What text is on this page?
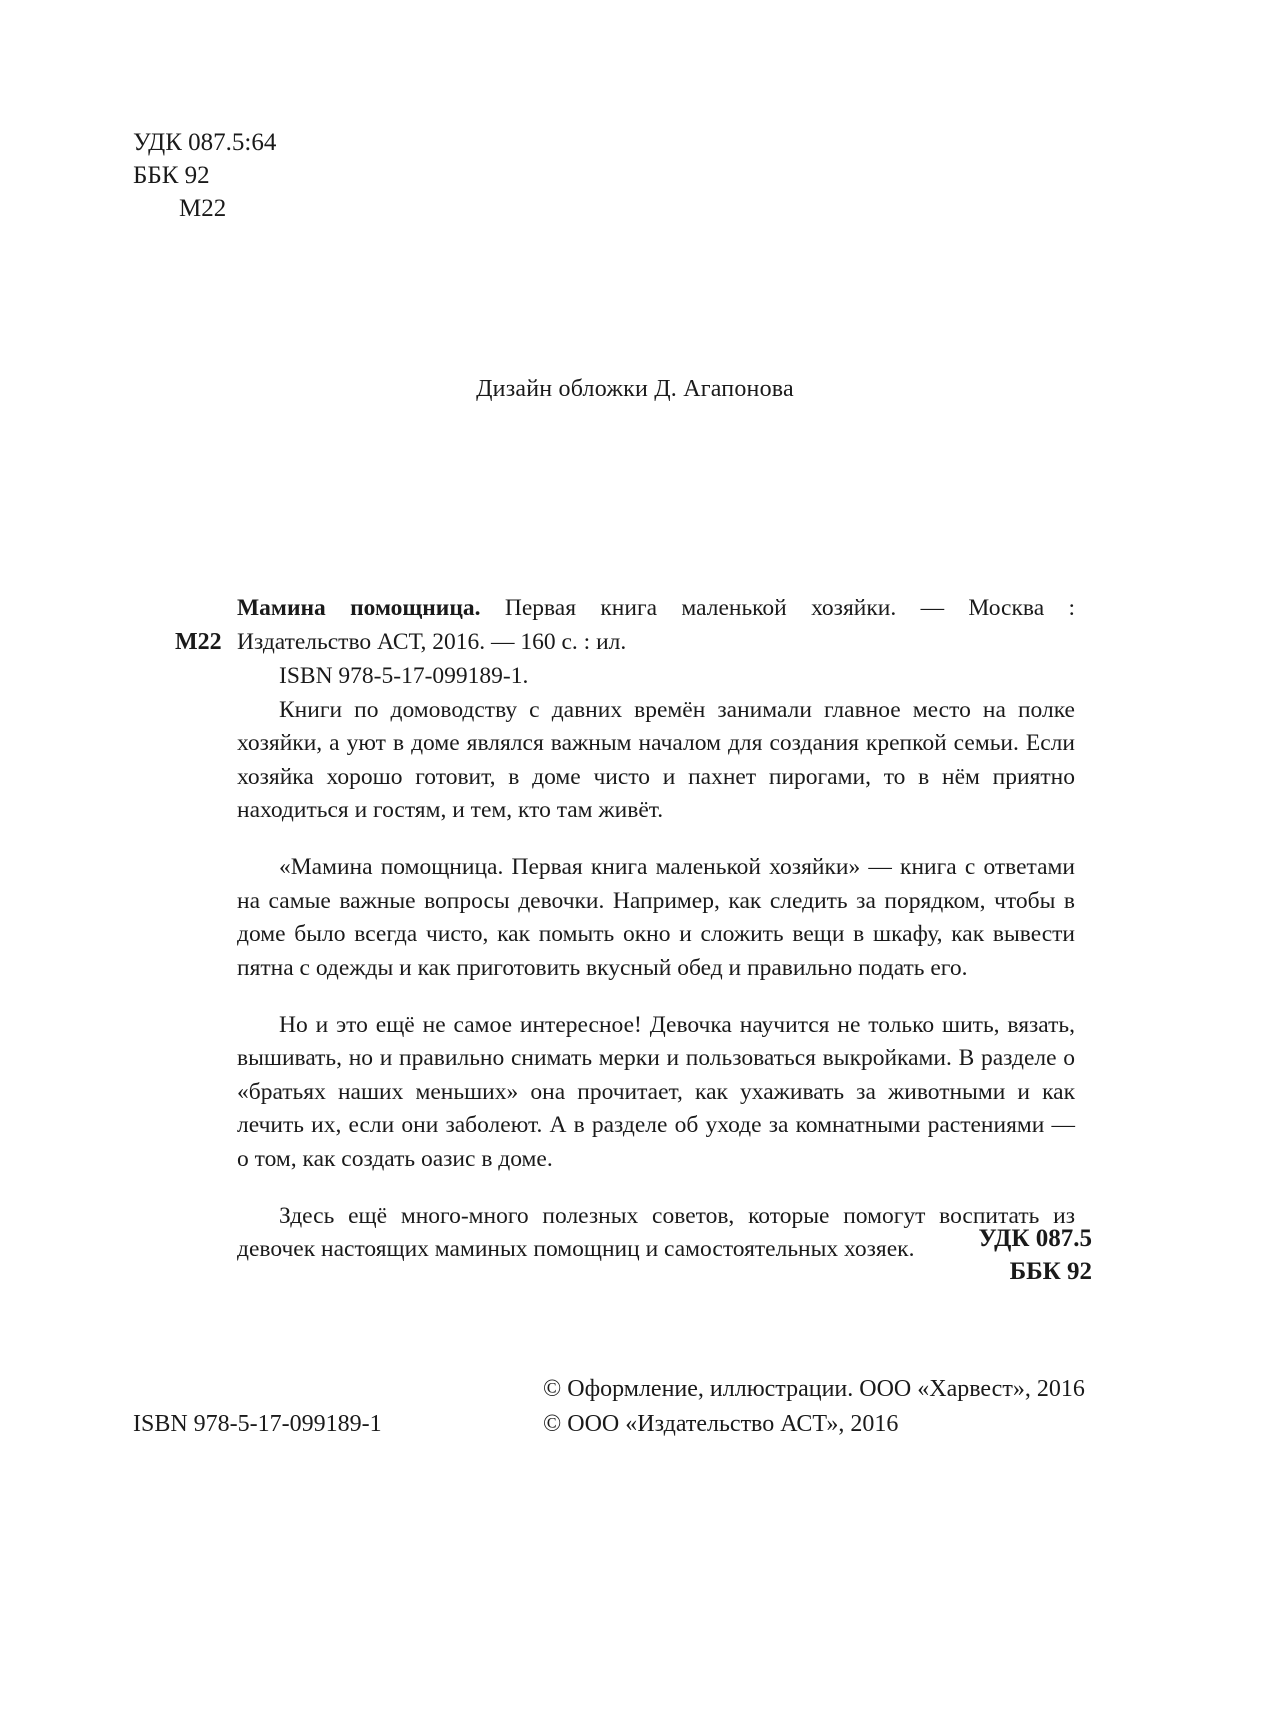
УДК 087.5:64
ББК 92
М22
Дизайн обложки Д. Агапонова
М22
Мамина помощница. Первая книга маленькой хозяйки. — Москва :
Издательство АСТ, 2016. — 160 с. : ил.
ISBN 978-5-17-099189-1.

Книги по домоводству с давних времён занимали главное место на полке хозяйки, а уют в доме являлся важным началом для создания крепкой семьи. Если хозяйка хорошо готовит, в доме чисто и пахнет пирогами, то в нём приятно находиться и гостям, и тем, кто там живёт.

«Мамина помощница. Первая книга маленькой хозяйки» — книга с ответами на самые важные вопросы девочки. Например, как следить за порядком, чтобы в доме было всегда чисто, как помыть окно и сложить вещи в шкафу, как вывести пятна с одежды и как приготовить вкусный обед и правильно подать его.

Но и это ещё не самое интересное! Девочка научится не только шить, вязать, вышивать, но и правильно снимать мерки и пользоваться выкройками. В разделе о «братьях наших меньших» она прочитает, как ухаживать за животными и как лечить их, если они заболеют. А в разделе об уходе за комнатными растениями — о том, как создать оазис в доме.

Здесь ещё много-много полезных советов, которые помогут воспитать из девочек настоящих маминых помощниц и самостоятельных хозяек.	УДК 087.5
ББК 92
© Оформление, иллюстрации. ООО «Харвест», 2016
© ООО «Издательство АСТ», 2016
ISBN 978-5-17-099189-1
